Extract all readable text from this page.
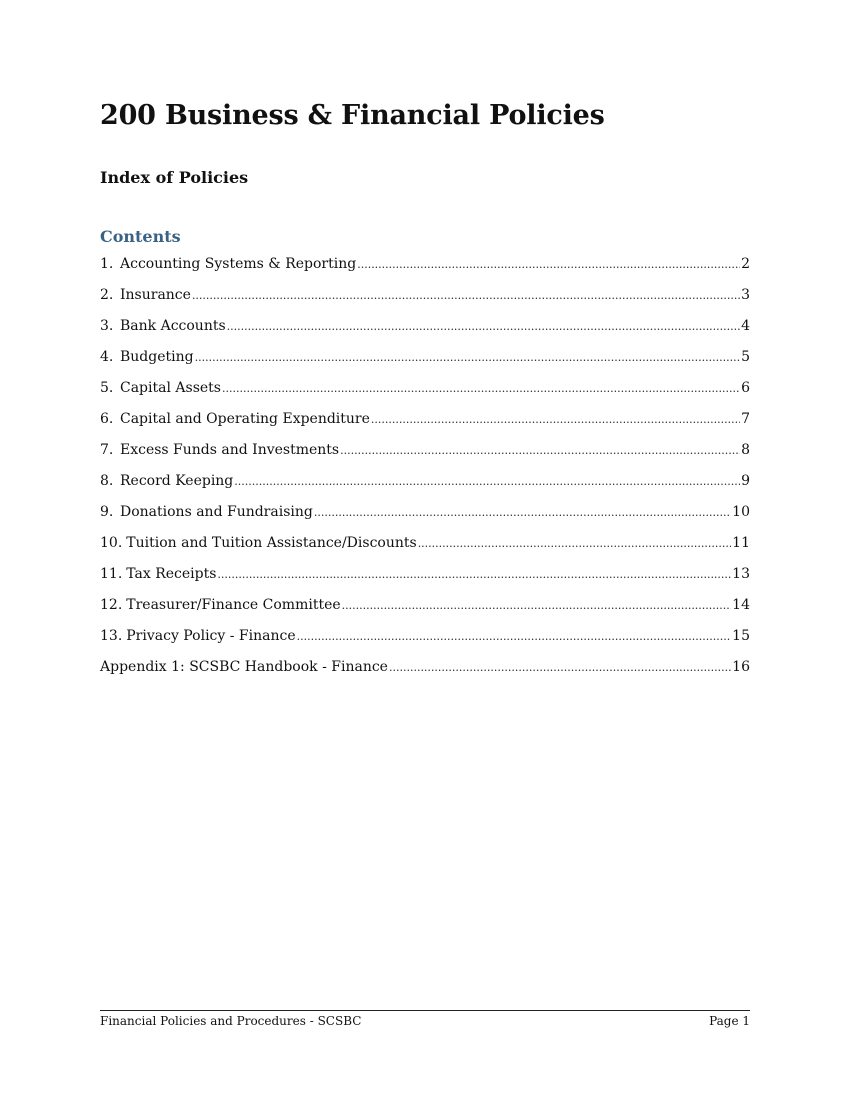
200 Business & Financial Policies
Index of Policies
Contents
1. Accounting Systems & Reporting .....	2
2. Insurance .....	3
3. Bank Accounts .....	4
4. Budgeting .....	5
5. Capital Assets .....	6
6. Capital and Operating Expenditure .....	7
7. Excess Funds and Investments .....	8
8. Record Keeping .....	9
9. Donations and Fundraising .....	10
10. Tuition and Tuition Assistance/Discounts .....	11
11. Tax Receipts .....	13
12. Treasurer/Finance Committee .....	14
13. Privacy Policy - Finance .....	15
Appendix 1: SCSBC Handbook - Finance .....	16
Financial Policies and Procedures - SCSBC	Page 1
